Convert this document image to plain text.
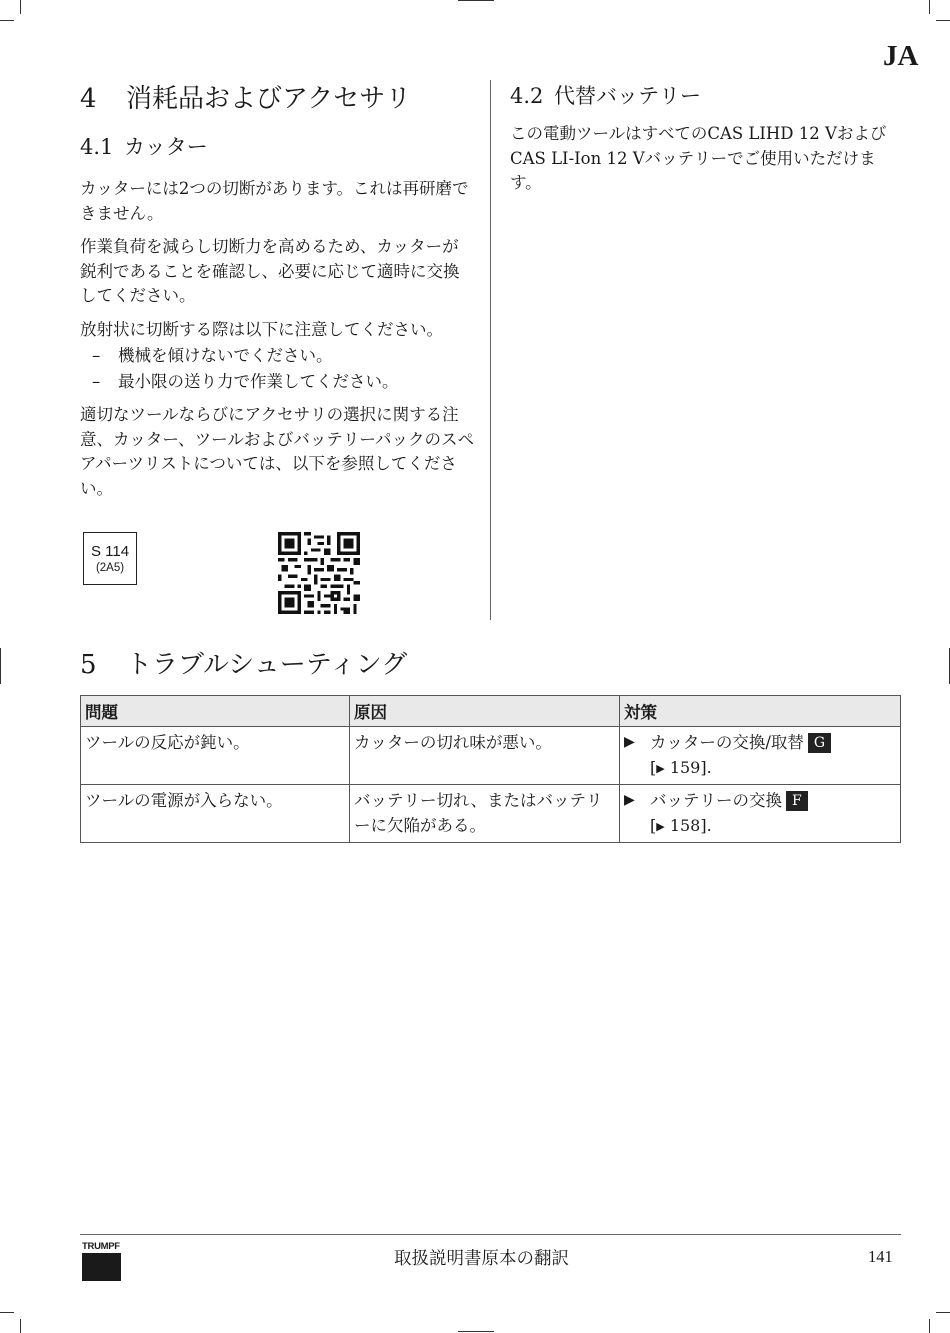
JA
4	消耗品およびアクセサリ
4.1 カッター

カッターには2つの切断があります。これは再研磨できません。

作業負荷を減らし切断力を高めるため、カッターが鋭利であることを確認し、必要に応じて適時に交換してください。

放射状に切断する際は以下に注意してください。

–	機械を傾けないでください。
–	最小限の送り力で作業してください。

適切なツールならびにアクセサリの選択に関する注意、カッター、ツールおよびバッテリーパックのスペアパーツリストについては、以下を参照してください。

S 114
(2A5)
4.2 代替バッテリー

この電動ツールはすべてのCAS LIHD 12 VおよびCAS LI-Ion 12 Vバッテリーでご使用いただけます。

5	トラブルシューティング
問題	原因	対策
ツールの反応が鈍い。	カッターの切れ味が悪い。	▶ カッターの交換/取替 G
[▶ 159].

ツールの電源が入らない。	バッテリー切れ、またはバッテリーに欠陥がある。	▶ バッテリーの交換 F
[▶ 158].
TRUMPF
取扱説明書原本の翻訳	141
